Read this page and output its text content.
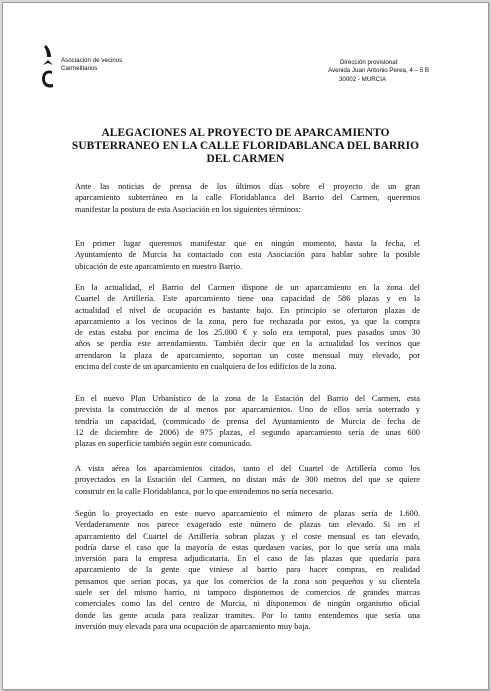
Asociación de vecinos
Carmelitanos
Dirección provisional:
Avenida Juan Antonio Perea, 4 – 5 B
30002 - MURCIA
ALEGACIONES AL PROYECTO DE APARCAMIENTO
SUBTERRANEO EN LA CALLE FLORIDABLANCA DEL BARRIO
DEL CARMEN
Ante las noticias de prensa de los últimos días sobre el proyecto de un gran
aparcamiento subterráneo en la calle Floridablanca del Barrio del Carmen, queremos
manifestar la postura de esta Asociación en los siguientes términos:
En primer lugar queremos manifestar que en ningún momento, hasta la fecha, el
Ayuntamiento de Murcia ha contactado con esta Asociación para hablar sobre la posible
ubicación de este aparcamiento en nuestro Barrio.
En la actualidad, el Barrio del Carmen dispone de un aparcamiento en la zona del
Cuartel de Artillería. Este aparcamiento tiene una capacidad de 586 plazas y en la
actualidad el nivel de ocupación es bastante bajo. En principio se ofertaron plazas de
aparcamiento a los vecinos de la zona, pero fue rechazada por estos, ya que la compra
de estas estaba por encima de los 25.000 € y solo era temporal, pues pasados unos 30
años se perdía este arrendamiento. También decir que en la actualidad los vecinos que
arrendaron la plaza de aparcamiento, soportan un coste mensual muy elevado, por
encima del coste de un aparcamiento en cualquiera de los edificios de la zona.
En el nuevo Plan Urbanístico de la zona de la Estación del Barrio del Carmen, esta
prevista la construcción de al menos por aparcamientos. Uno de ellos sería soterrado y
tendría un capacidad, (commicado de prensa del Ayuntamiento de Murcia de fecha de
12 de diciembre de 2006) de 975 plazas, el segundo aparcamiento sería de unas 600
plazas en superficie también según este comunicado.
A vista aérea los aparcamientos citados, tanto el del Cuartel de Artillería como los
proyectados en la Estación del Carmen, no distan más de 300 metros del que se quiere
construir en la calle Floridablanca, por lo que entendemos no sería necesario.
Según lo proyectado en este nuevo aparcamiento el número de plazas sería de 1.600.
Verdaderamente nos parece exagerado este número de plazas tan elevado. Si en el
aparcamiento del Cuartel de Artillería sobran plazas y el coste mensual es tan elevado,
podría darse el caso que la mayoría de estas quedasen vacías, por lo que sería una mala
inversión para la empresa adjudicataria. En el caso de las plazas que quedaría para
aparcamiento de la gente que viniese al barrio para hacer compras, en realidad
pensamos que serían pocas, ya que los comercios de la zona son pequeños y su clientela
suele ser del mismo barrio, ni tampoco disponemos de comercios de grandes marcas
comerciales como las del centro de Murcia, ni disponemos de ningún organismo oficial
donde las gente acuda para realizar tramites. Por lo tanto entendemos que sería una
inversión muy elevada para una ocupación de aparcamiento muy baja.
